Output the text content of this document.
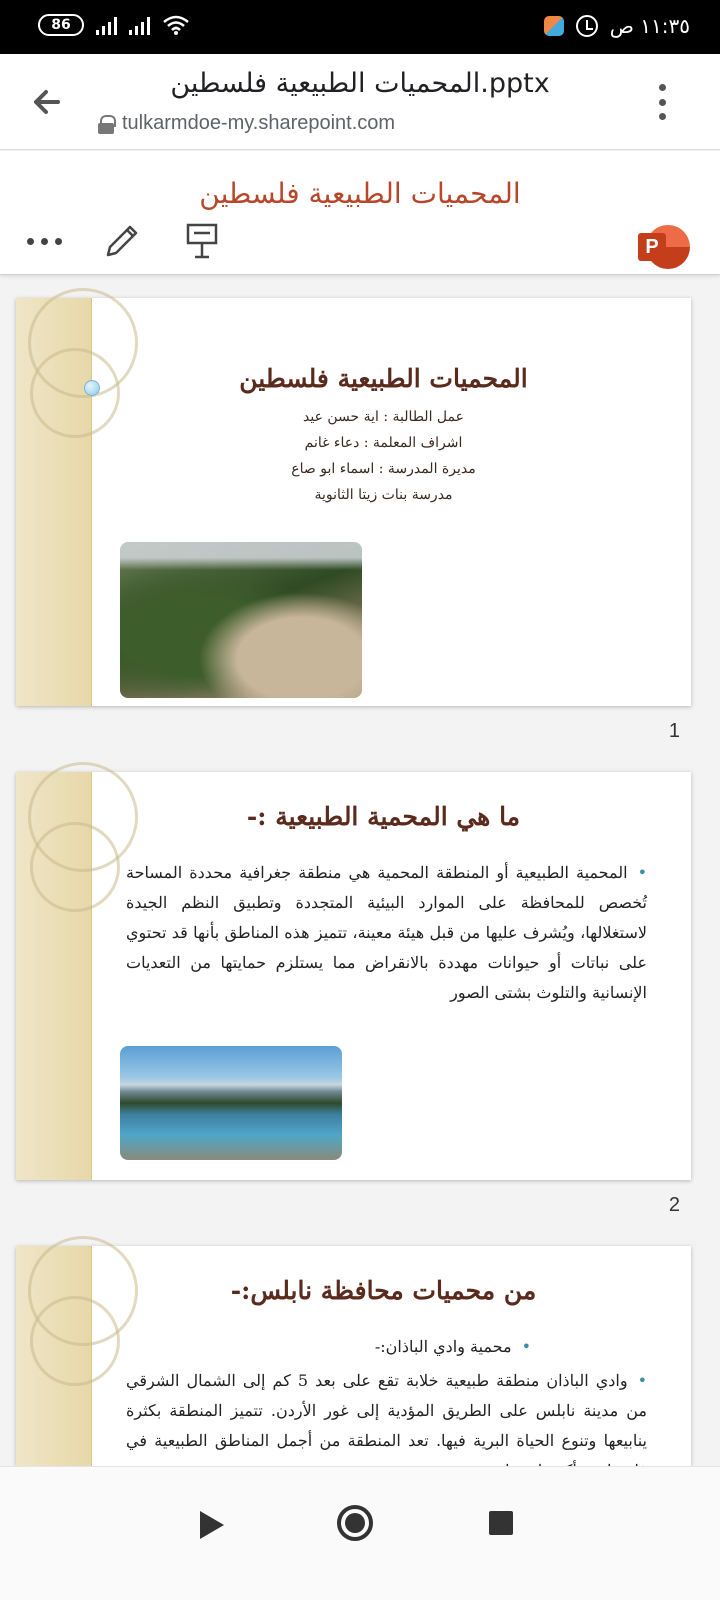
86	١١:٣٥ ص
المحميات الطبيعية فلسطين.pptx
tulkarmdoe-my.sharepoint.com
المحميات الطبيعية فلسطين
P
المحميات الطبيعية فلسطين
عمل الطالبة : اية حسن عيد
اشراف المعلمة : دعاء غانم
مديرة المدرسة : اسماء ابو صاع
مدرسة بنات زيتا الثانوية
1
ما هي المحمية الطبيعية :-
•المحمية الطبيعية أو المنطقة المحمية هي منطقة جغرافية محددة المساحة تُخصص للمحافظة على الموارد البيئية المتجددة وتطبيق النظم الجيدة لاستغلالها، ويُشرف عليها من قبل هيئة معينة، تتميز هذه المناطق بأنها قد تحتوي على نباتات أو حيوانات مهددة بالانقراض مما يستلزم حمايتها من التعديات الإنسانية والتلوث بشتى الصور
2
من محميات محافظة نابلس:-
•محمية وادي الباذان:-
•وادي الباذان منطقة طبيعية خلابة تقع على بعد 5 كم إلى الشمال الشرقي من مدينة نابلس على الطريق المؤدية إلى غور الأردن. تتميز المنطقة بكثرة ينابيعها وتنوع الحياة البرية فيها. تعد المنطقة من أجمل المناطق الطبيعية في
